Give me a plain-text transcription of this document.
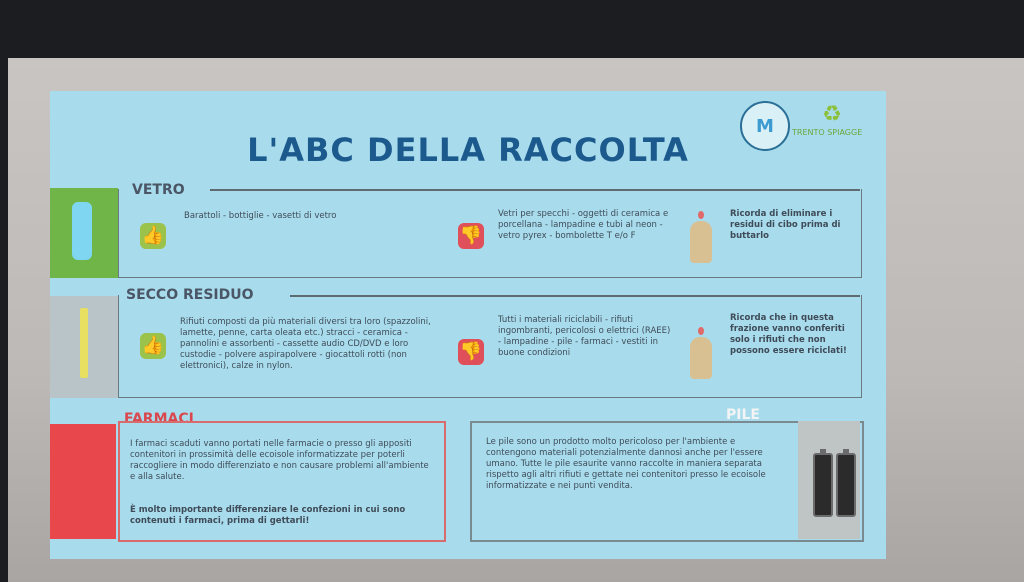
L'ABC DELLA RACCOLTA
M	♻
TRENTO SPIAGGE
VETRO
👍
Barattoli - bottiglie - vasetti di vetro
👎
Vetri per specchi - oggetti di ceramica e porcellana - lampadine e tubi al neon - vetro pyrex - bombolette T e/o F
Ricorda di eliminare i residui di cibo prima di buttarlo
SECCO RESIDUO
👍
Rifiuti composti da più materiali diversi tra loro (spazzolini, lamette, penne, carta oleata etc.) stracci - ceramica - pannolini e assorbenti - cassette audio CD/DVD e loro custodie - polvere aspirapolvere - giocattoli rotti (non elettronici), calze in nylon.
👎
Tutti i materiali riciclabili - rifiuti ingombranti, pericolosi o elettrici (RAEE) - lampadine - pile - farmaci - vestiti in buone condizioni
Ricorda che in questa frazione vanno conferiti solo i rifiuti che non possono essere riciclati!
FARMACI
I farmaci scaduti vanno portati nelle farmacie o presso gli appositi contenitori in prossimità delle ecoisole informatizzate per poterli raccogliere in modo differenziato e non causare problemi all'ambiente e alla salute.
È molto importante differenziare le confezioni in cui sono contenuti i farmaci, prima di gettarli!
PILE
Le pile sono un prodotto molto pericoloso per l'ambiente e contengono materiali potenzialmente dannosi anche per l'essere umano. Tutte le pile esaurite vanno raccolte in maniera separata rispetto agli altri rifiuti e gettate nei contenitori presso le ecoisole informatizzate e nei punti vendita.
